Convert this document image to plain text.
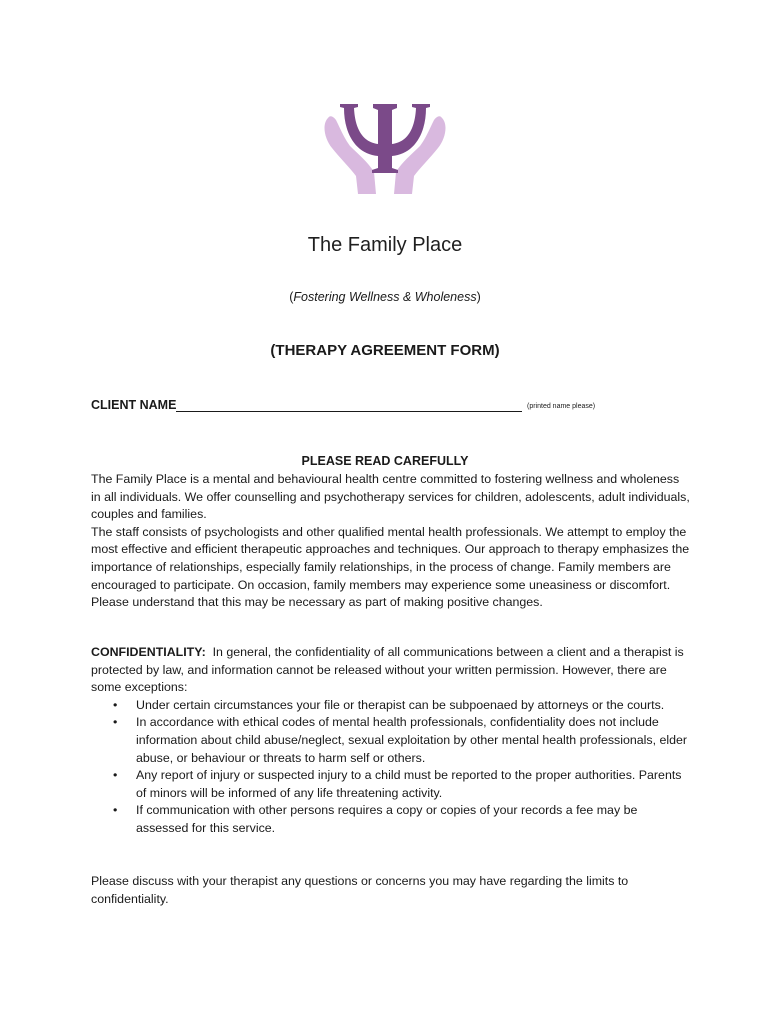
The Family Place
(Fostering Wellness & Wholeness)
(THERAPY AGREEMENT FORM)
CLIENT NAME	(printed name please)
PLEASE READ CAREFULLY

The Family Place is a mental and behavioural health centre committed to fostering wellness and wholeness in all individuals. We offer counselling and psychotherapy services for children, adolescents, adult individuals, couples and families.

The staff consists of psychologists and other qualified mental health professionals. We attempt to employ the most effective and efficient therapeutic approaches and techniques. Our approach to therapy emphasizes the importance of relationships, especially family relationships, in the process of change. Family members are encouraged to participate. On occasion, family members may experience some uneasiness or discomfort. Please understand that this may be necessary as part of making positive changes.

CONFIDENTIALITY: In general, the confidentiality of all communications between a client and a therapist is protected by law, and information cannot be released without your written permission. However, there are some exceptions:

• Under certain circumstances your file or therapist can be subpoenaed by attorneys or the courts.
• In accordance with ethical codes of mental health professionals, confidentiality does not include information about child abuse/neglect, sexual exploitation by other mental health professionals, elder abuse, or behaviour or threats to harm self or others.
• Any report of injury or suspected injury to a child must be reported to the proper authorities. Parents of minors will be informed of any life threatening activity.
• If communication with other persons requires a copy or copies of your records a fee may be assessed for this service.

Please discuss with your therapist any questions or concerns you may have regarding the limits to confidentiality.
